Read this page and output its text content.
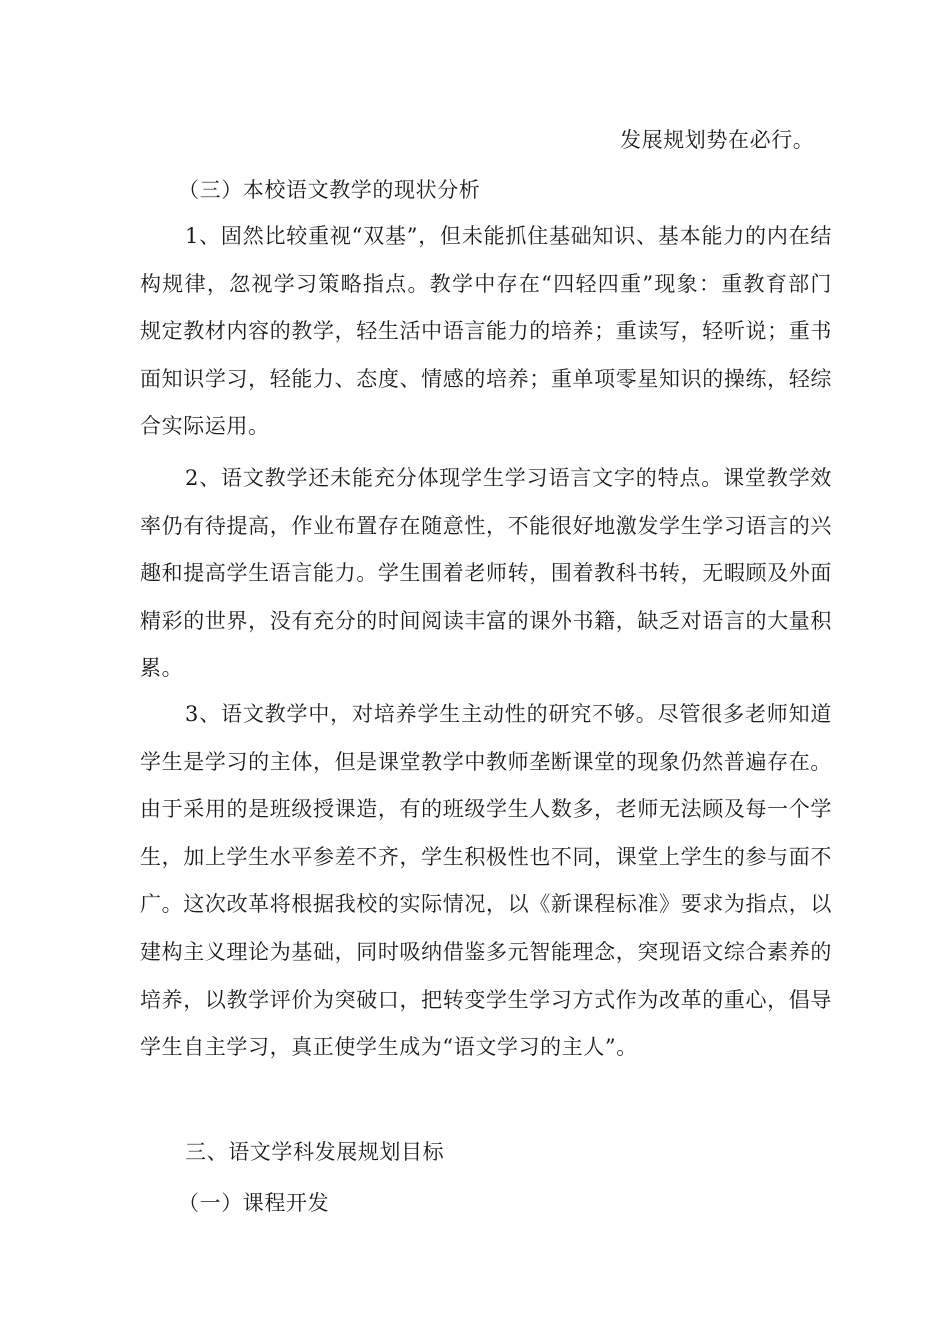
发展规划势在必行。
（三）本校语文教学的现状分析

1、固然比较重视“双基”，但未能抓住基础知识、基本能力的内在结构规律，忽视学习策略指点。教学中存在“四轻四重”现象：重教育部门规定教材内容的教学，轻生活中语言能力的培养；重读写，轻听说；重书面知识学习，轻能力、态度、情感的培养；重单项零星知识的操练，轻综合实际运用。

2、语文教学还未能充分体现学生学习语言文字的特点。课堂教学效率仍有待提高，作业布置存在随意性，不能很好地激发学生学习语言的兴趣和提高学生语言能力。学生围着老师转，围着教科书转，无暇顾及外面精彩的世界，没有充分的时间阅读丰富的课外书籍，缺乏对语言的大量积累。

3、语文教学中，对培养学生主动性的研究不够。尽管很多老师知道学生是学习的主体，但是课堂教学中教师垄断课堂的现象仍然普遍存在。由于采用的是班级授课造，有的班级学生人数多，老师无法顾及每一个学生，加上学生水平参差不齐，学生积极性也不同，课堂上学生的参与面不广。这次改革将根据我校的实际情况，以《新课程标准》要求为指点，以建构主义理论为基础，同时吸纳借鉴多元智能理念，突现语文综合素养的培养，以教学评价为突破口，把转变学生学习方式作为改革的重心，倡导学生自主学习，真正使学生成为“语文学习的主人”。

三、语文学科发展规划目标
（一）课程开发
